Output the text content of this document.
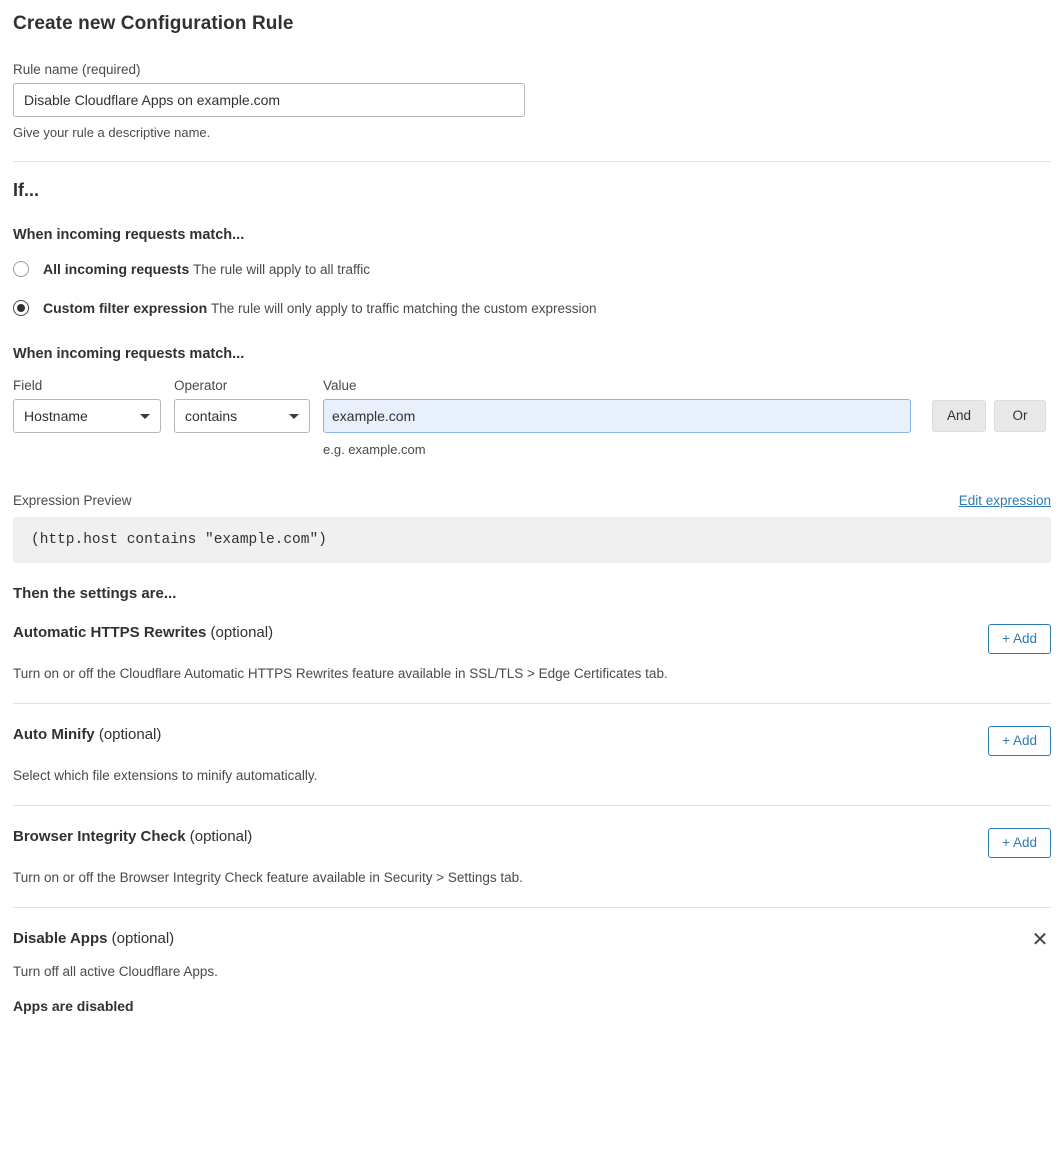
Create new Configuration Rule
Rule name (required)
Disable Cloudflare Apps on example.com
Give your rule a descriptive name.
If...
When incoming requests match...
All incoming requests The rule will apply to all traffic
Custom filter expression The rule will only apply to traffic matching the custom expression
When incoming requests match...
Field
Hostname
Operator
contains
Value
example.com
e.g. example.com
And	Or
Expression Preview	Edit expression
(http.host contains "example.com")
Then the settings are...
Automatic HTTPS Rewrites (optional)	+ Add
Turn on or off the Cloudflare Automatic HTTPS Rewrites feature available in SSL/TLS > Edge Certificates tab.
Auto Minify (optional)	+ Add
Select which file extensions to minify automatically.
Browser Integrity Check (optional)	+ Add
Turn on or off the Browser Integrity Check feature available in Security > Settings tab.
Disable Apps (optional)	✕
Turn off all active Cloudflare Apps.
Apps are disabled
